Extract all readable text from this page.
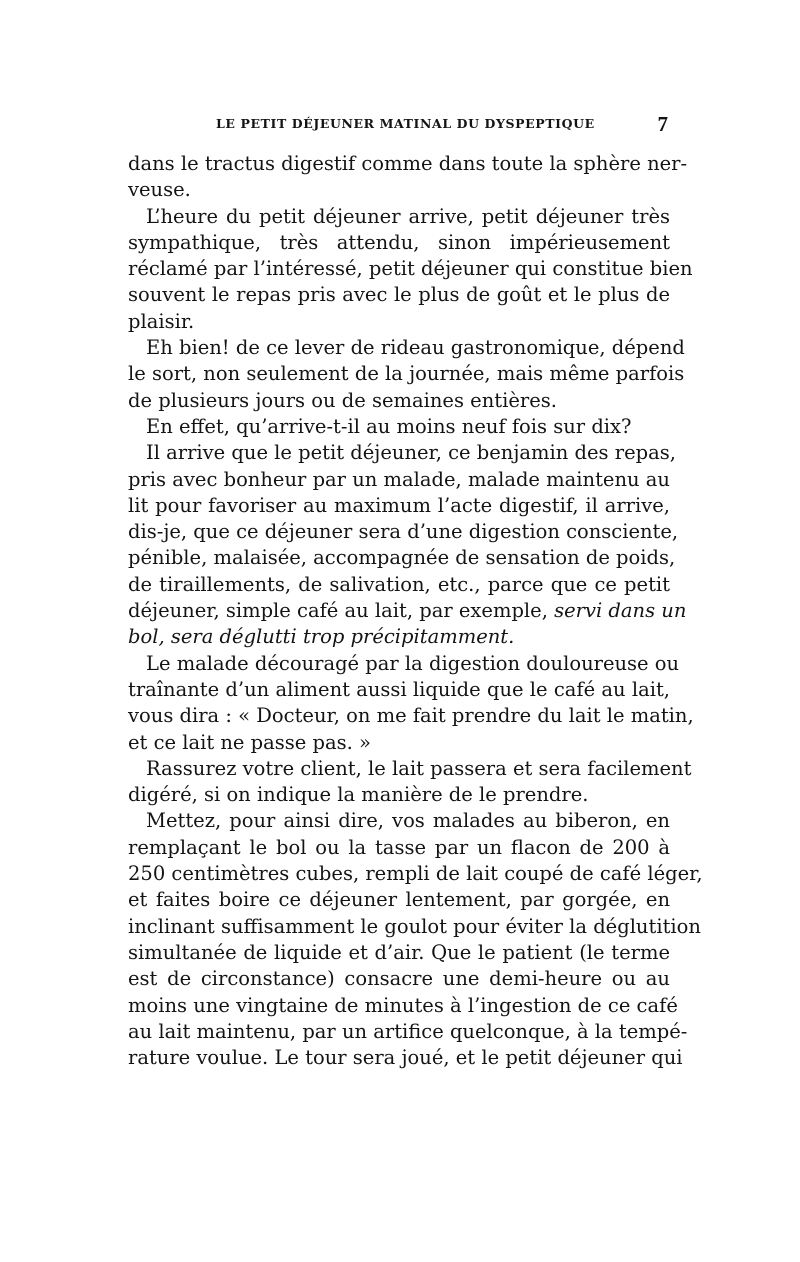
LE PETIT DÉJEUNER MATINAL DU DYSPEPTIQUE	7
dans le tractus digestif comme dans toute la sphère ner-
veuse.
L’heure du petit déjeuner arrive, petit déjeuner très
sympathique, très attendu, sinon impérieusement
réclamé par l’intéressé, petit déjeuner qui constitue bien
souvent le repas pris avec le plus de goût et le plus de
plaisir.
Eh bien! de ce lever de rideau gastronomique, dépend
le sort, non seulement de la journée, mais même parfois
de plusieurs jours ou de semaines entières.
En effet, qu’arrive-t-il au moins neuf fois sur dix?
Il arrive que le petit déjeuner, ce benjamin des repas,
pris avec bonheur par un malade, malade maintenu au
lit pour favoriser au maximum l’acte digestif, il arrive,
dis-je, que ce déjeuner sera d’une digestion consciente,
pénible, malaisée, accompagnée de sensation de poids,
de tiraillements, de salivation, etc., parce que ce petit
déjeuner, simple café au lait, par exemple, servi dans un
bol, sera déglutti trop précipitamment.
Le malade découragé par la digestion douloureuse ou
traînante d’un aliment aussi liquide que le café au lait,
vous dira : « Docteur, on me fait prendre du lait le matin,
et ce lait ne passe pas. »
Rassurez votre client, le lait passera et sera facilement
digéré, si on indique la manière de le prendre.
Mettez, pour ainsi dire, vos malades au biberon, en
remplaçant le bol ou la tasse par un flacon de 200 à
250 centimètres cubes, rempli de lait coupé de café léger,
et faites boire ce déjeuner lentement, par gorgée, en
inclinant suffisamment le goulot pour éviter la déglutition
simultanée de liquide et d’air. Que le patient (le terme
est de circonstance) consacre une demi-heure ou au
moins une vingtaine de minutes à l’ingestion de ce café
au lait maintenu, par un artifice quelconque, à la tempé-
rature voulue. Le tour sera joué, et le petit déjeuner qui
